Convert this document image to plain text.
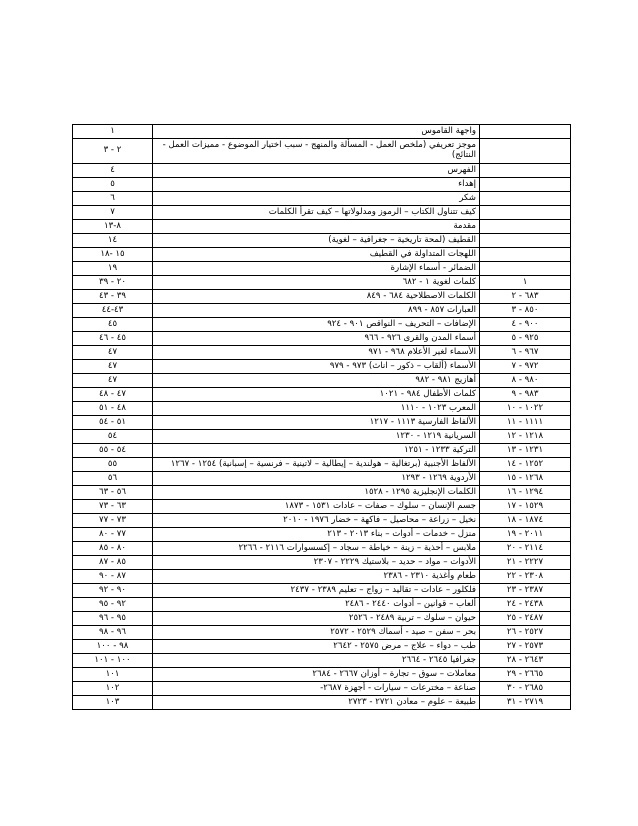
	واجهة القاموس	١
	موجز تعريفي (ملخص العمل - المسألة والمنهج - سبب اختيار الموضوع - مميزات العمل - النتائج)	٢ - ٣
	الفهرس	٤
	إهداء	٥
	شكر	٦
	كيف تتناول الكتاب – الرموز ومدلولاتها – كيف تقرأ الكلمات	٧
	مقدمة	٨-١٣
	القطيف (لمحة تاريخية – جغرافية – لغوية)	١٤
	اللهجات المتداولة في القطيف	١٥ -١٨
	الضمائر - أسماء الإشارة	١٩
١	كلمات لغوية ١ - ٦٨٢	٢٠ - ٣٩
٦٨٣ - ٢	الكلمات الاصطلاحية ٦٨٤ - ٨٤٩	٣٩ - ٤٣
٨٥٠ - ٣	العبارات ٨٥٧ - ٨٩٩	٤٣-٤٤
٩٠٠ - ٤	الإضافات – التحريف – النواقص ٩٠١ - ٩٢٤	٤٥
٩٢٥ - ٥	أسماء المدن والقرى ٩٢٦ - ٩٦٦	٤٥ - ٤٦
٩٦٧ - ٦	الأسماء لغير الأعلام ٩٦٨ - ٩٧١	٤٧
٩٧٢ - ٧	الأسماء (ألقاب – ذكور – اناث) ٩٧٣ - ٩٧٩	٤٧
٩٨٠ - ٨	أهازيج ٩٨١ - ٩٨٢	٤٧
٩٨٣ - ٩	كلمات الأطفال ٩٨٤ - ١٠٢١	٤٧ - ٤٨
١٠٢٢ - ١٠	المعرب ١٠٢٣ - ١١١٠	٤٨ - ٥١
١١١١ - ١١	الألفاظ الفارسية ١١١٣ - ١٢١٧	٥١ - ٥٤
١٢١٨ - ١٢	السريانية ١٢١٩ - ١٢٣٠	٥٤
١٢٣١ - ١٣	التركية ١٢٣٣ - ١٢٥١	٥٤ - ٥٥
١٢٥٢ - ١٤	الألفاظ الأجنبية (برتغالية – هولندية – إيطالية – لاتينية – فرنسية – إسبانية) ١٢٥٤ - ١٢٦٧	٥٥
١٢٦٨ - ١٥	الأردوية ١٢٦٩ - ١٢٩٣	٥٦
١٢٩٤ - ١٦	الكلمات الإنجليزية ١٢٩٥ - ١٥٢٨	٥٦ - ٦٣
١٥٢٩ - ١٧	جسم الإنسان – سلوك – صفات – عادات ١٥٣١ - ١٨٧٣	٦٣ - ٧٣
١٨٧٤ - ١٨	نخيل – زراعة – محاصيل – فاكهة – خضار ١٩٧٦ - ٢٠١٠	٧٣ - ٧٧
٢٠١١ - ١٩	منزل – خدمات – أدوات – بناء ٢٠١٣ - ٢١٣	٧٧ - ٨٠
٢١١٤ - ٢٠	ملابس – أحذية – زينة – خياطة – سجاد – إكسسوارات ٢١١٦ - ٢٢٦٦	٨٠ - ٨٥
٢٢٢٧ - ٢١	الأدوات – مواد – حديد – بلاستيك ٢٢٢٩ - ٢٣٠٧	٨٥ - ٨٧
٢٣٠٨ - ٢٢	طعام وأغذية ٢٣١٠ - ٢٣٨٦	٨٧ - ٩٠
٢٣٨٧ - ٢٣	فلكلور – عادات – تقاليد – زواج – تعليم ٢٣٨٩ - ٢٤٣٧	٩٠ - ٩٢
٢٤٣٨ - ٢٤	ألعاب – قوانين – أدوات ٢٤٤٠ - ٢٤٨٦	٩٢ - ٩٥
٢٤٨٧ - ٢٥	حيوان – سلوك – تربية ٢٤٨٩ - ٢٥٢٦	٩٥ - ٩٦
٢٥٢٧ - ٢٦	بحر – سفن – صيد - أسماك ٢٥٢٩ - ٢٥٧٢	٩٦ - ٩٨
٢٥٧٣ - ٢٧	طب – دواء – علاج – مرض ٢٥٧٥ - ٢٦٤٢	٩٨ - ١٠٠
٢٦٤٣ - ٢٨	جغرافيا ٢٦٤٥ - ٢٦٦٤	١٠٠ - ١٠١
٢٦٦٥ - ٢٩	معاملات – سوق – تجارة – أوزان ٢٦٦٧ - ٢٦٨٤	١٠١
٢٦٨٥ - ٣٠	صناعة – مخترعات – سيارات - أجهزة ٢٦٨٧-	١٠٢
٢٧١٩ - ٣١	طبيعة – علوم – معادن ٢٧٢١ - ٢٧٢٣	١٠٣
